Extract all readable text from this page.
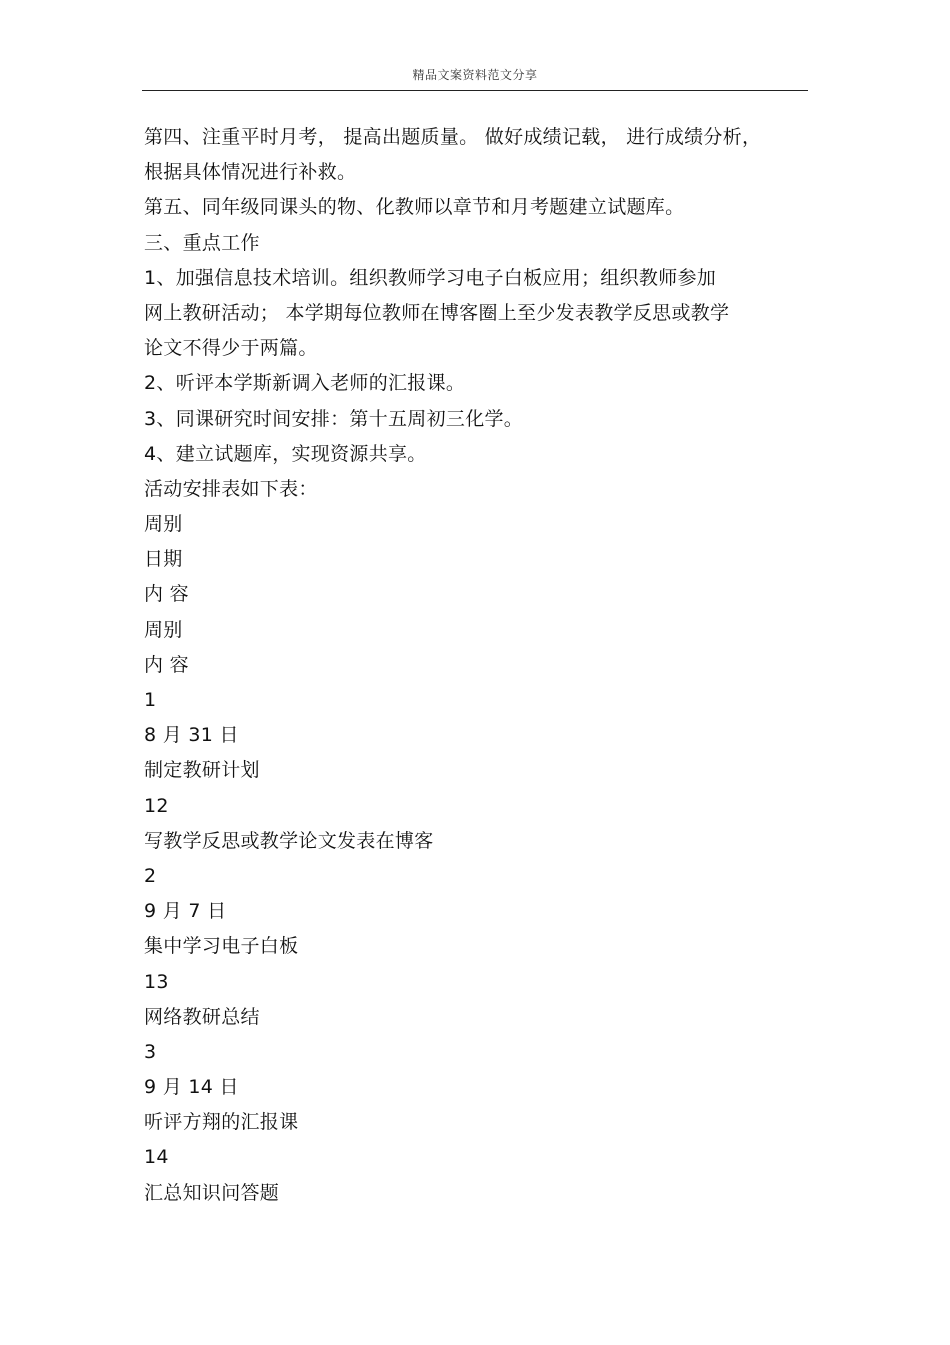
精品文案资料范文分享
第四、注重平时月考， 提高出题质量。 做好成绩记载， 进行成绩分析，
根据具体情况进行补救。
第五、同年级同课头的物、化教师以章节和月考题建立试题库。
三、重点工作
1、加强信息技术培训。组织教师学习电子白板应用；组织教师参加
网上教研活动； 本学期每位教师在博客圈上至少发表教学反思或教学
论文不得少于两篇。
2、听评本学斯新调入老师的汇报课。
3、同课研究时间安排：第十五周初三化学。
4、建立试题库，实现资源共享。
活动安排表如下表：
周别
日期
内 容
周别
内 容
1
8 月 31 日
制定教研计划
12
写教学反思或教学论文发表在博客
2
9 月 7 日
集中学习电子白板
13
网络教研总结
3
9 月 14 日
听评方翔的汇报课
14
汇总知识问答题
